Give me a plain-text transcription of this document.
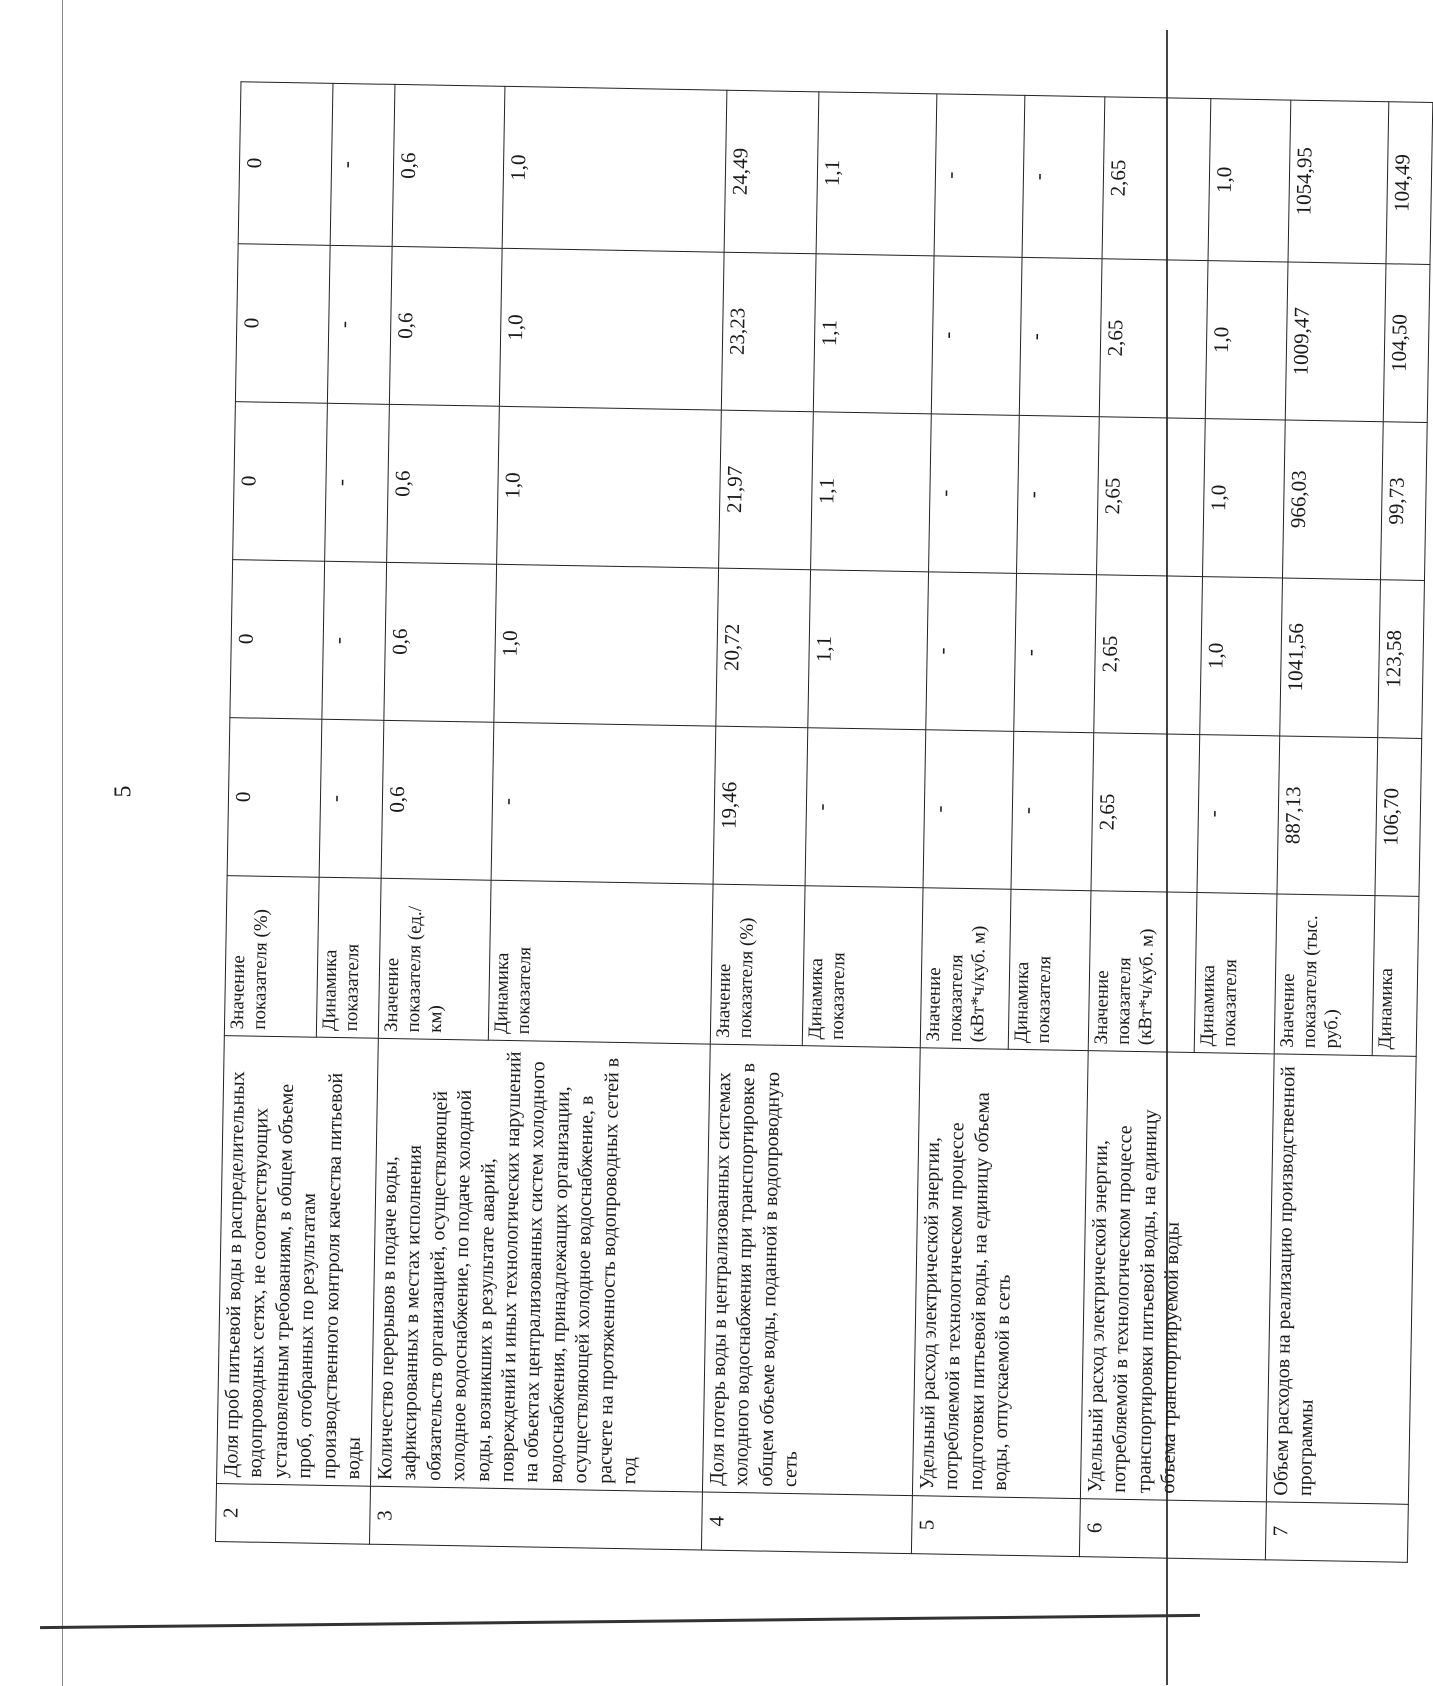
5
2	Доля проб питьевой воды в распределительных водопроводных сетях, не соответствующих установленным требованиям, в общем объеме проб, отобранных по результатам производственного контроля качества питьевой воды	Значение показателя (%)	0	0	0	0	0
		Динамика показателя	-	-	-	-	-
3	Количество перерывов в подаче воды, зафиксированных в местах исполнения обязательств организацией, осуществляющей холодное водоснабжение, по подаче холодной воды, возникших в результате аварий, повреждений и иных технологических нарушений на объектах централизованных систем холодного водоснабжения, принадлежащих организации, осуществляющей холодное водоснабжение, в расчете на протяженность водопроводных сетей в год	Значение показателя (ед./км)	0,6	0,6	0,6	0,6	0,6
		Динамика показателя	-	1,0	1,0	1,0	1,0
4	Доля потерь воды в централизованных системах холодного водоснабжения при транспортировке в общем объеме воды, поданной в водопроводную сеть	Значение показателя (%)	19,46	20,72	21,97	23,23	24,49
		Динамика показателя	-	1,1	1,1	1,1	1,1
5	Удельный расход электрической энергии, потребляемой в технологическом процессе подготовки питьевой воды, на единицу объема воды, отпускаемой в сеть	Значение показателя (кВт*ч/куб. м)	-	-	-	-	-
		Динамика показателя	-	-	-	-	-
6	Удельный расход электрической энергии, потребляемой в технологическом процессе транспортировки питьевой воды, на единицу объема транспортируемой воды	Значение показателя (кВт*ч/куб. м)	2,65	2,65	2,65	2,65	2,65
		Динамика показателя	-	1,0	1,0	1,0	1,0
7	Объем расходов на реализацию производственной программы	Значение показателя (тыс. руб.)	887,13	1041,56	966,03	1009,47	1054,95
		Динамика	106,70	123,58	99,73	104,50	104,49
